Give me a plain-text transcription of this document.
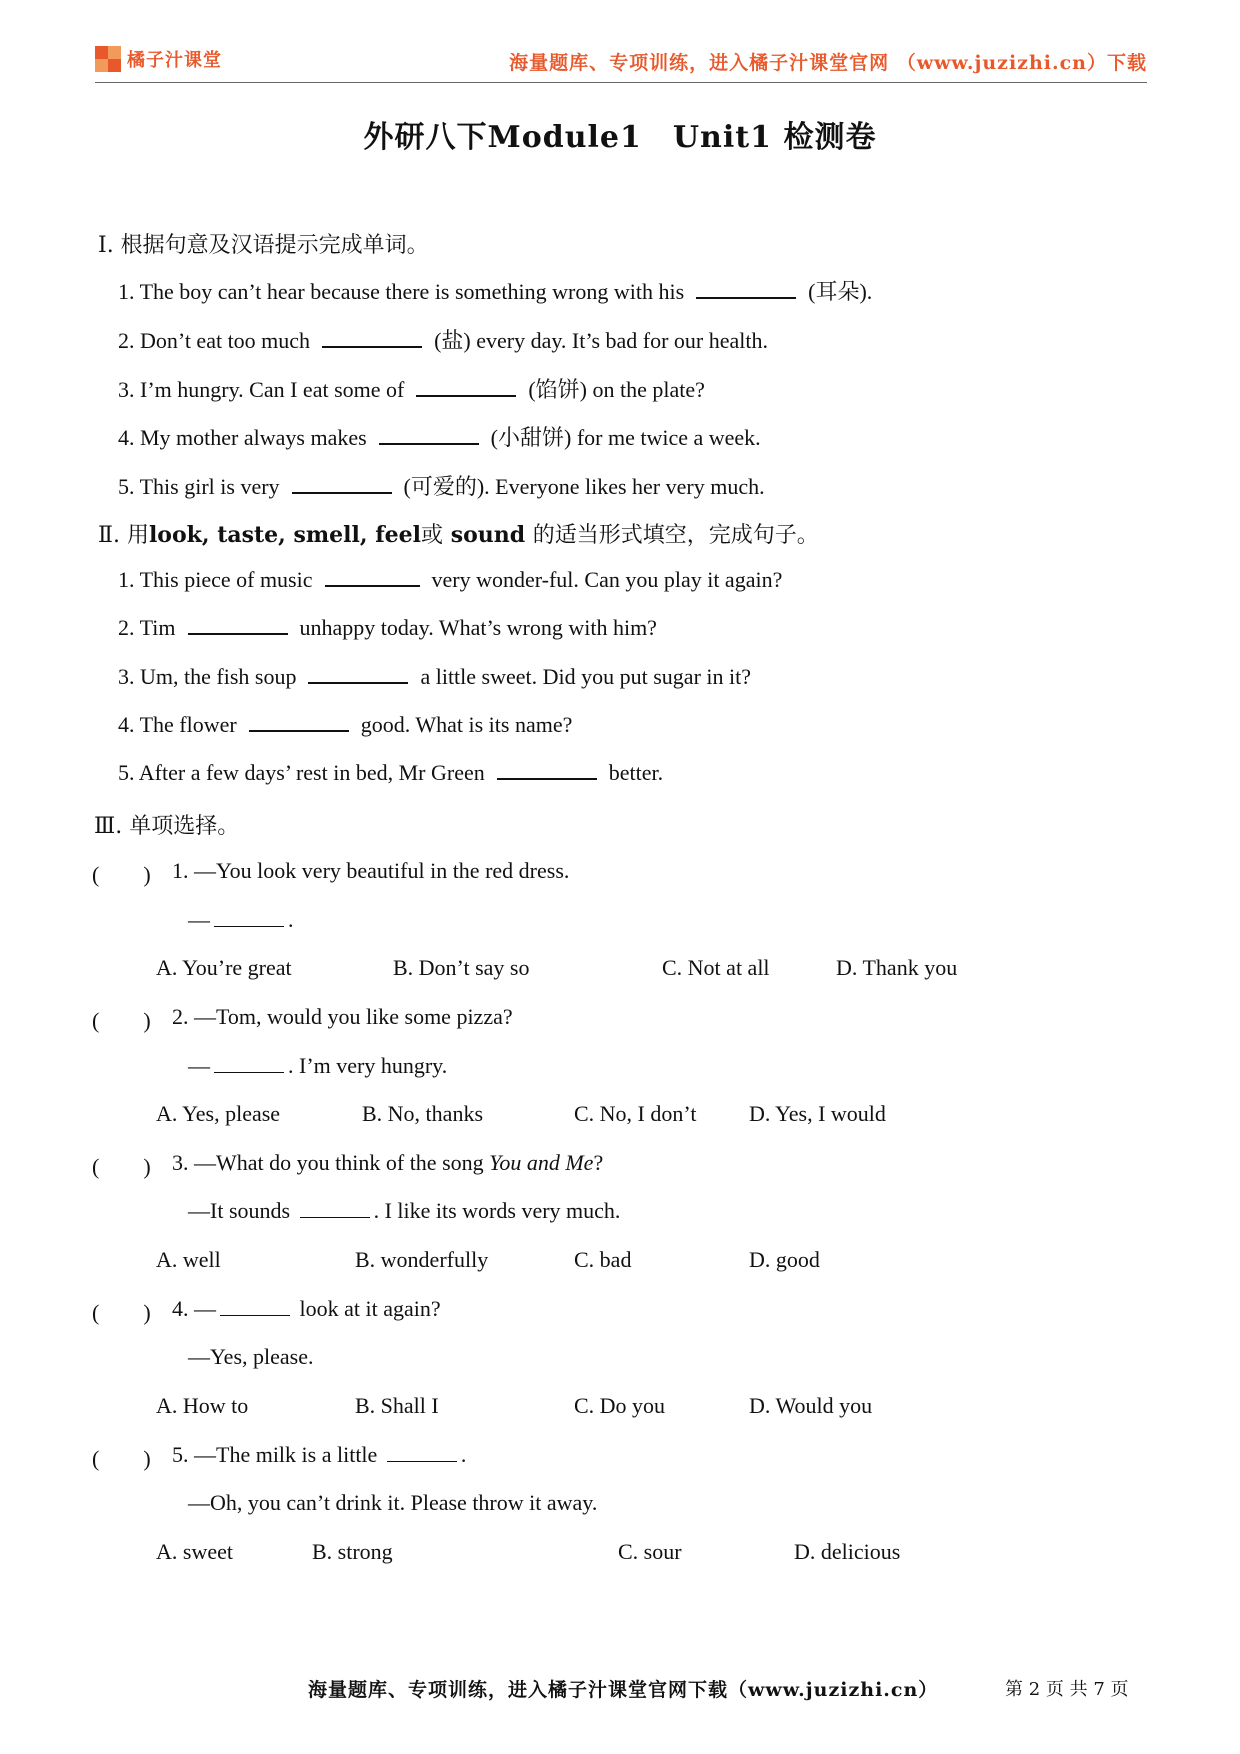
橘子汁课堂	海量题库、专项训练，进入橘子汁课堂官网 （www.juzizhi.cn）下载
外研八下Module1　Unit1 检测卷
Ⅰ. 根据句意及汉语提示完成单词。
1. The boy can’t hear because there is something wrong with his	(耳朵).
2. Don’t eat too much	(盐) every day. It’s bad for our health.
3. I’m hungry. Can I eat some of	(馅饼) on the plate?
4. My mother always makes	(小甜饼) for me twice a week.
5. This girl is very	(可爱的). Everyone likes her very much.
Ⅱ. 用look, taste, smell, feel或 sound 的适当形式填空，完成句子。
1. This piece of music	very wonder-ful. Can you play it again?
2. Tim	unhappy today. What’s wrong with him?
3. Um, the fish soup	a little sweet. Did you put sugar in it?
4. The flower	good. What is its name?
5. After a few days’ rest in bed, Mr Green	better.
Ⅲ. 单项选择。
(　　) 1. —You look very beautiful in the red dress.
—	.
A. You’re great	B. Don’t say so	C. Not at all	D. Thank you
(　　) 2. —Tom, would you like some pizza?
—	. I’m very hungry.
A. Yes, please	B. No, thanks	C. No, I don’t D. Yes, I would
(　　) 3. —What do you think of the song You and Me?
—It sounds	. I like its words very much.
A. well	B. wonderfully	C. bad	D. good
(　　) 4. —	look at it again?
—Yes, please.
A. How to	B. Shall I	C. Do you	D. Would you
(　　) 5. —The milk is a little	.
—Oh, you can’t drink it. Please throw it away.
A. sweet	B. strong	C. sour	D. delicious
海量题库、专项训练，进入橘子汁课堂官网下载（www.juzizhi.cn）	第 2 页 共 7 页
